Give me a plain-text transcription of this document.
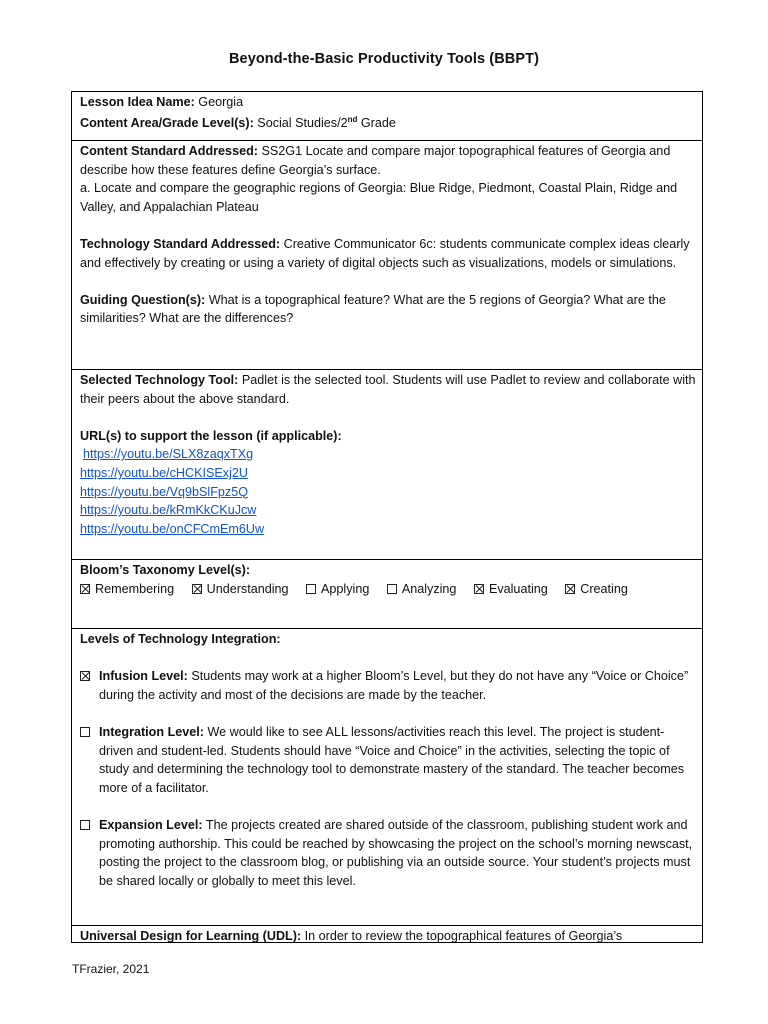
Beyond-the-Basic Productivity Tools (BBPT)

Lesson Idea Name: Georgia

Content Area/Grade Level(s): Social Studies/2nd Grade

Content Standard Addressed: SS2G1 Locate and compare major topographical features of Georgia and describe how these features define Georgia’s surface.

a. Locate and compare the geographic regions of Georgia: Blue Ridge, Piedmont, Coastal Plain, Ridge and Valley, and Appalachian Plateau

Technology Standard Addressed: Creative Communicator 6c: students communicate complex ideas clearly and effectively by creating or using a variety of digital objects such as visualizations, models or simulations.

Guiding Question(s): What is a topographical feature? What are the 5 regions of Georgia? What are the similarities? What are the differences?

Selected Technology Tool: Padlet is the selected tool. Students will use Padlet to review and collaborate with their peers about the above standard.

URL(s) to support the lesson (if applicable):

https://youtu.be/SLX8zaqxTXg

https://youtu.be/cHCKISExj2U

https://youtu.be/Vq9bSlFpz5Q

https://youtu.be/kRmKkCKuJcw

https://youtu.be/onCFCmEm6Uw

Bloom’s Taxonomy Level(s):

Remembering	Understanding	Applying	Analyzing	Evaluating	Creating

Levels of Technology Integration:

Infusion Level: Students may work at a higher Bloom’s Level, but they do not have any “Voice or Choice” during the activity and most of the decisions are made by the teacher.

Integration Level: We would like to see ALL lessons/activities reach this level. The project is student-driven and student-led. Students should have “Voice and Choice” in the activities, selecting the topic of study and determining the technology tool to demonstrate mastery of the standard. The teacher becomes more of a facilitator.

Expansion Level: The projects created are shared outside of the classroom, publishing student work and promoting authorship. This could be reached by showcasing the project on the school’s morning newscast, posting the project to the classroom blog, or publishing via an outside source. Your student’s projects must be shared locally or globally to meet this level.

Universal Design for Learning (UDL): In order to review the topographical features of Georgia’s

TFrazier, 2021
